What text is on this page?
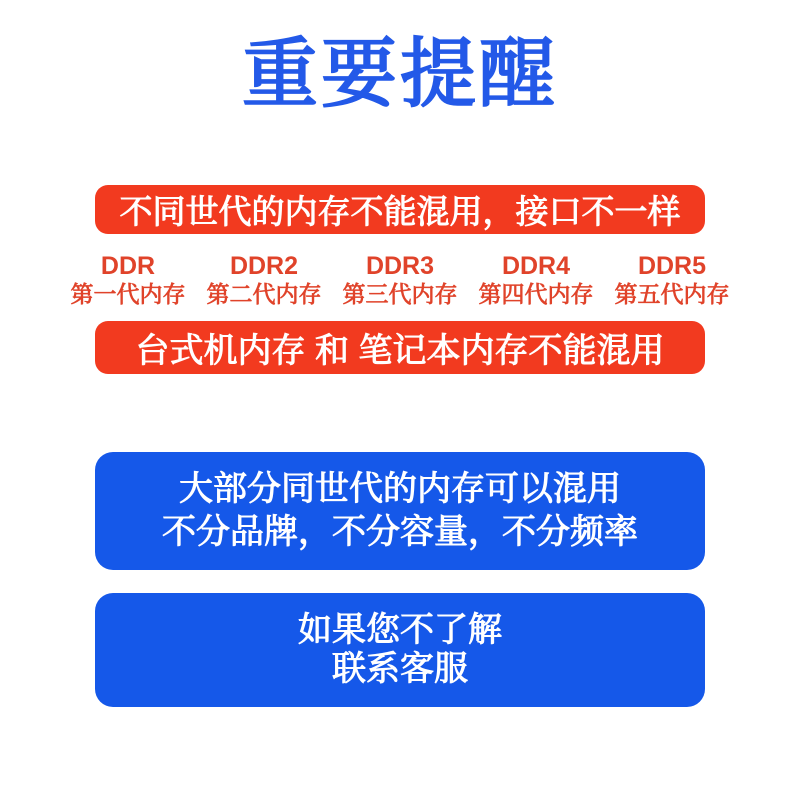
重要提醒
不同世代的内存不能混用，接口不一样
DDR
第一代内存
DDR2
第二代内存
DDR3
第三代内存
DDR4
第四代内存
DDR5
第五代内存
台式机内存 和 笔记本内存不能混用
大部分同世代的内存可以混用
不分品牌，不分容量，不分频率
如果您不了解
联系客服
